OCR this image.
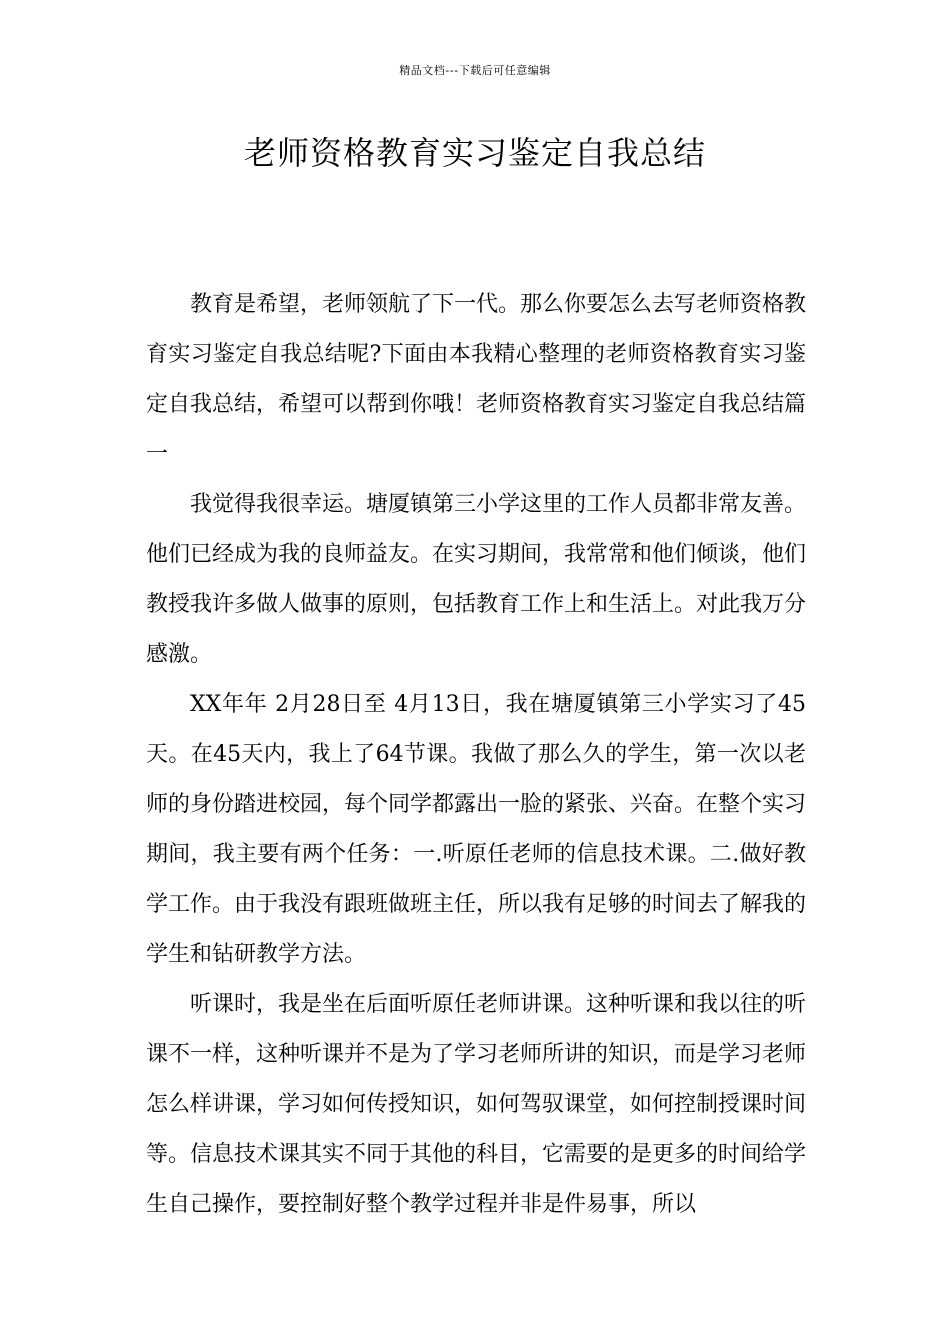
精品文档---下载后可任意编辑
老师资格教育实习鉴定自我总结

教育是希望，老师领航了下一代。那么你要怎么去写老师资格教育实习鉴定自我总结呢?下面由本我精心整理的老师资格教育实习鉴定自我总结，希望可以帮到你哦！老师资格教育实习鉴定自我总结篇一

我觉得我很幸运。塘厦镇第三小学这里的工作人员都非常友善。他们已经成为我的良师益友。在实习期间，我常常和他们倾谈，他们教授我许多做人做事的原则，包括教育工作上和生活上。对此我万分感激。

XX年年 2月28日至 4月13日，我在塘厦镇第三小学实习了45天。在45天内，我上了64节课。我做了那么久的学生，第一次以老师的身份踏进校园，每个同学都露出一脸的紧张、兴奋。在整个实习期间，我主要有两个任务：一.听原任老师的信息技术课。二.做好教学工作。由于我没有跟班做班主任，所以我有足够的时间去了解我的学生和钻研教学方法。

听课时，我是坐在后面听原任老师讲课。这种听课和我以往的听课不一样，这种听课并不是为了学习老师所讲的知识，而是学习老师怎么样讲课，学习如何传授知识，如何驾驭课堂，如何控制授课时间等。信息技术课其实不同于其他的科目，它需要的是更多的时间给学生自己操作，要控制好整个教学过程并非是件易事，所以
